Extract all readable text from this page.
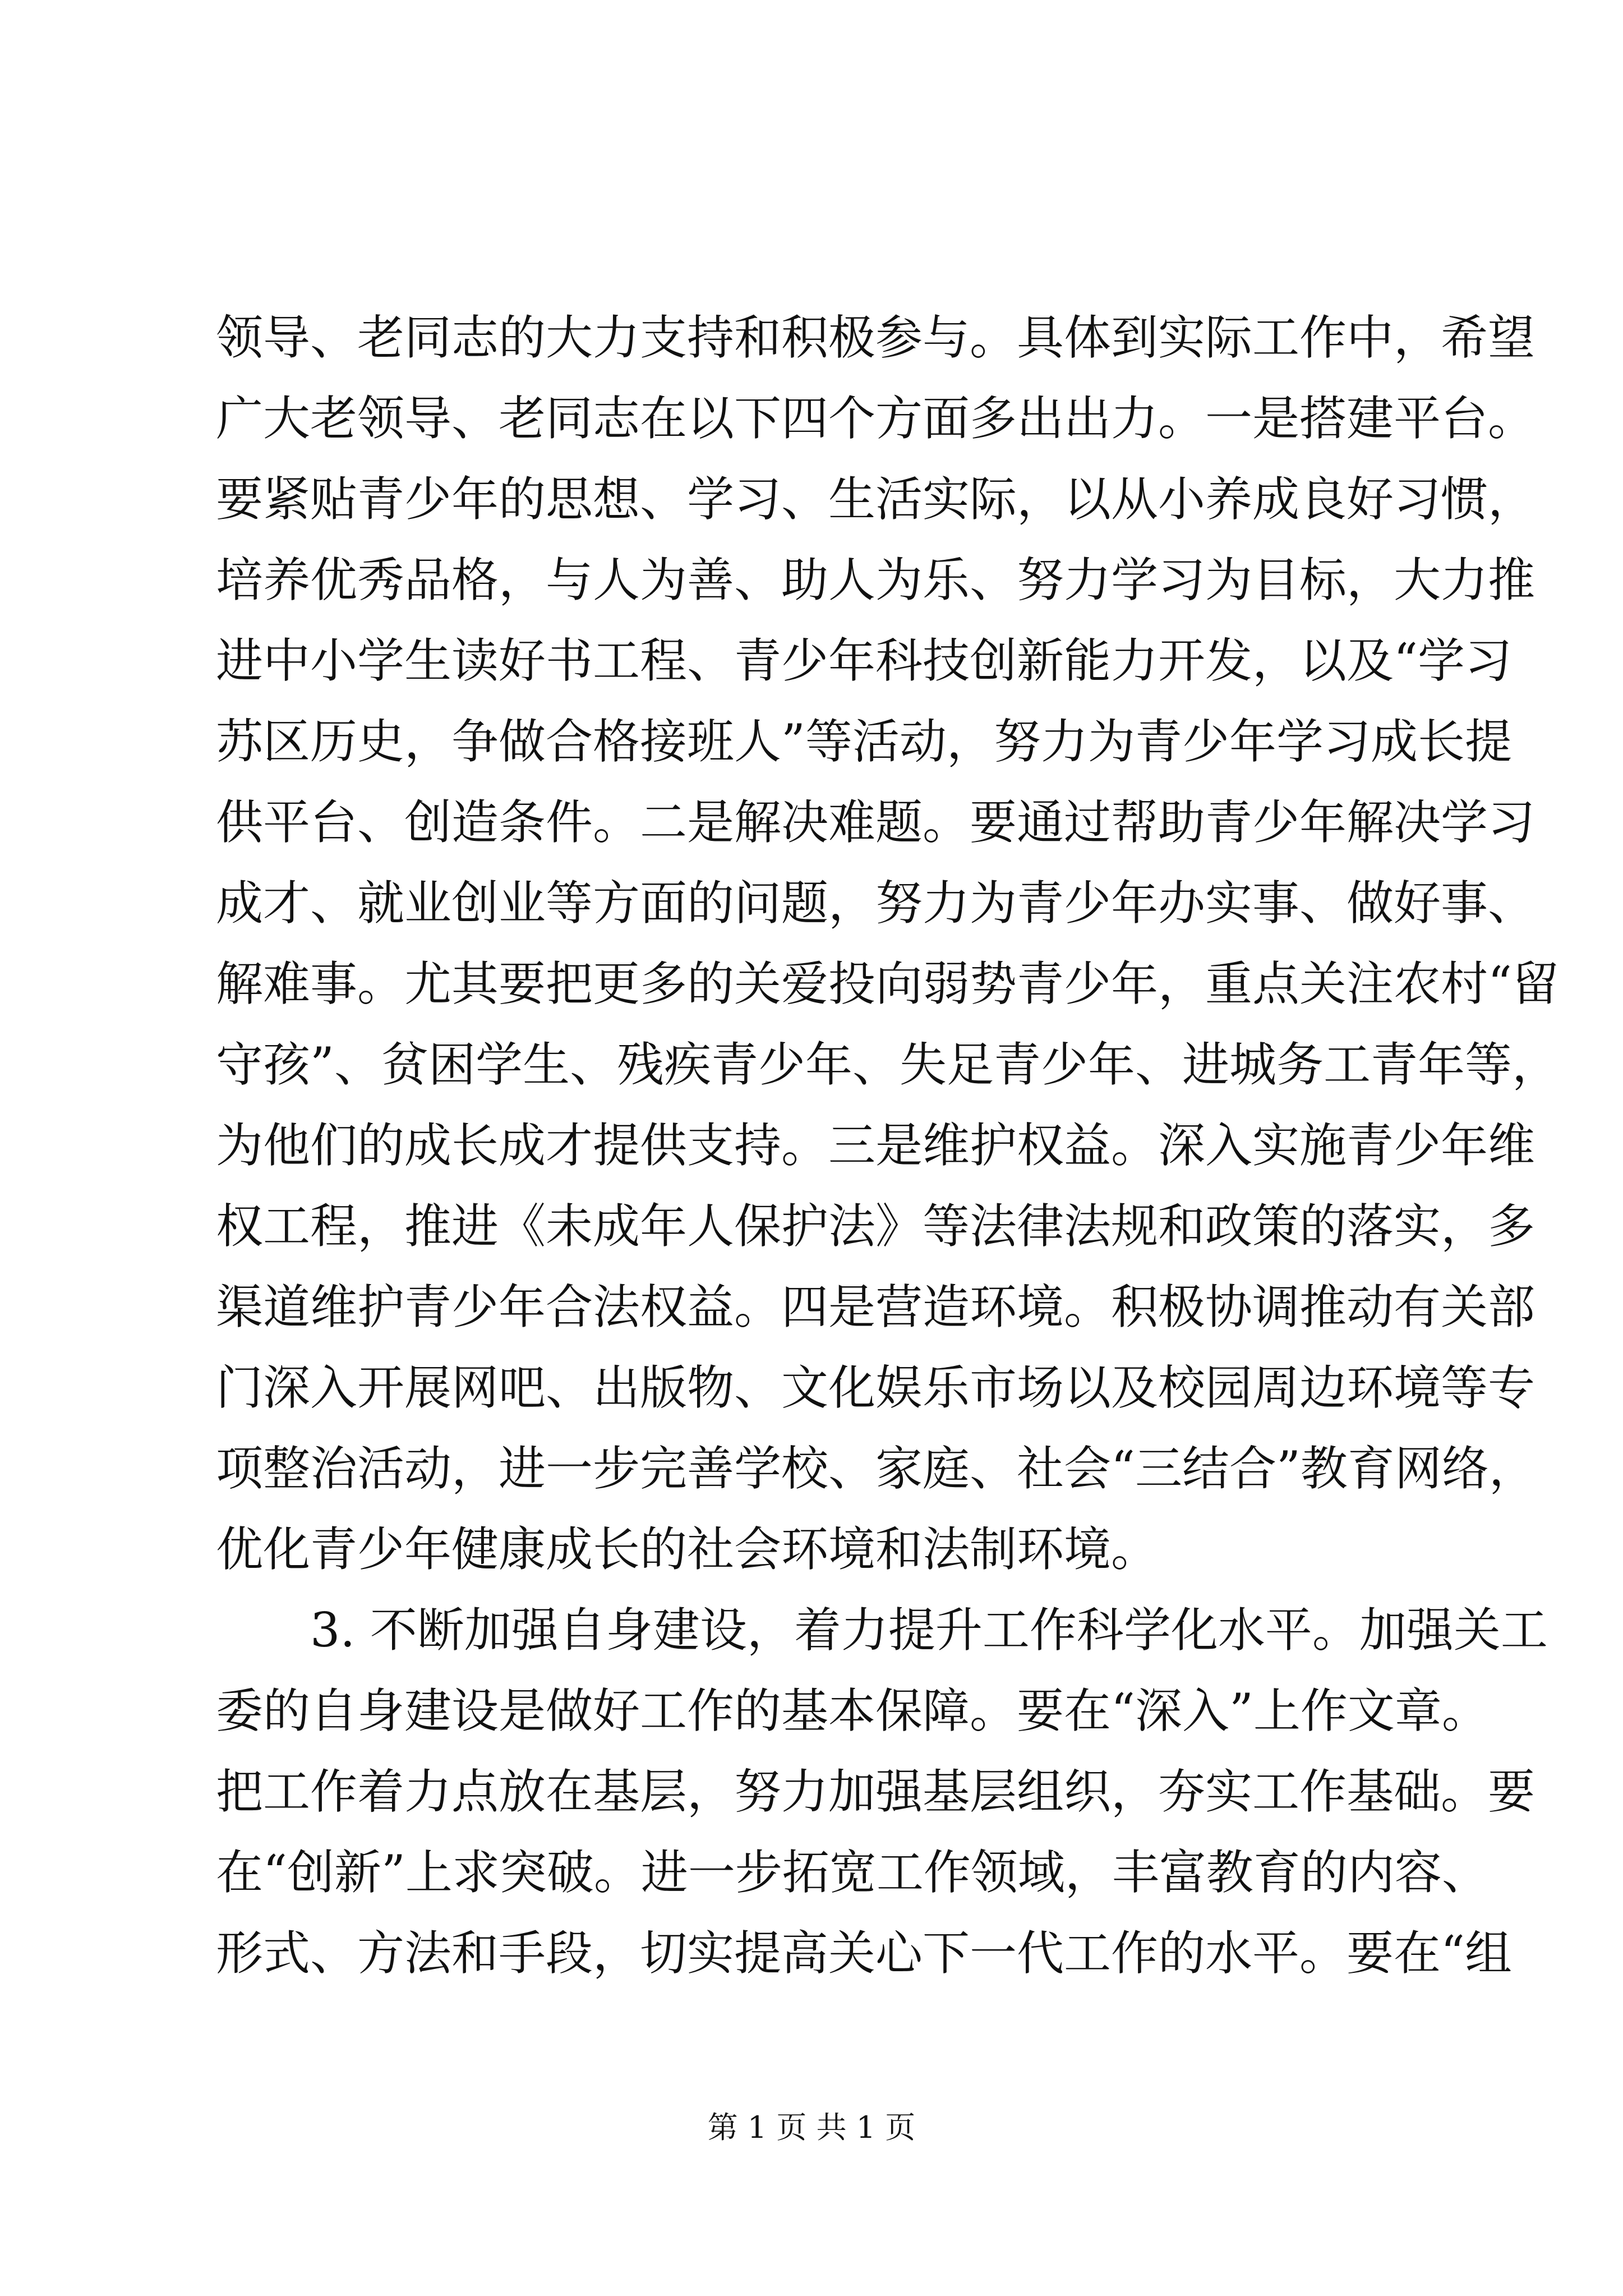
领导、老同志的大力支持和积极参与。具体到实际工作中，希望
广大老领导、老同志在以下四个方面多出出力。一是搭建平台。
要紧贴青少年的思想、学习、生活实际，以从小养成良好习惯，
培养优秀品格，与人为善、助人为乐、努力学习为目标，大力推
进中小学生读好书工程、青少年科技创新能力开发，以及“学习
苏区历史，争做合格接班人”等活动，努力为青少年学习成长提
供平台、创造条件。二是解决难题。要通过帮助青少年解决学习
成才、就业创业等方面的问题，努力为青少年办实事、做好事、
解难事。尤其要把更多的关爱投向弱势青少年，重点关注农村“留
守孩”、贫困学生、残疾青少年、失足青少年、进城务工青年等，
为他们的成长成才提供支持。三是维护权益。深入实施青少年维
权工程，推进《未成年人保护法》等法律法规和政策的落实，多
渠道维护青少年合法权益。四是营造环境。积极协调推动有关部
门深入开展网吧、出版物、文化娱乐市场以及校园周边环境等专
项整治活动，进一步完善学校、家庭、社会“三结合”教育网络，
优化青少年健康成长的社会环境和法制环境。
3. 不断加强自身建设，着力提升工作科学化水平。加强关工
委的自身建设是做好工作的基本保障。要在“深入”上作文章。
把工作着力点放在基层，努力加强基层组织，夯实工作基础。要
在“创新”上求突破。进一步拓宽工作领域，丰富教育的内容、
形式、方法和手段，切实提高关心下一代工作的水平。要在“组
第 1 页 共 1 页
